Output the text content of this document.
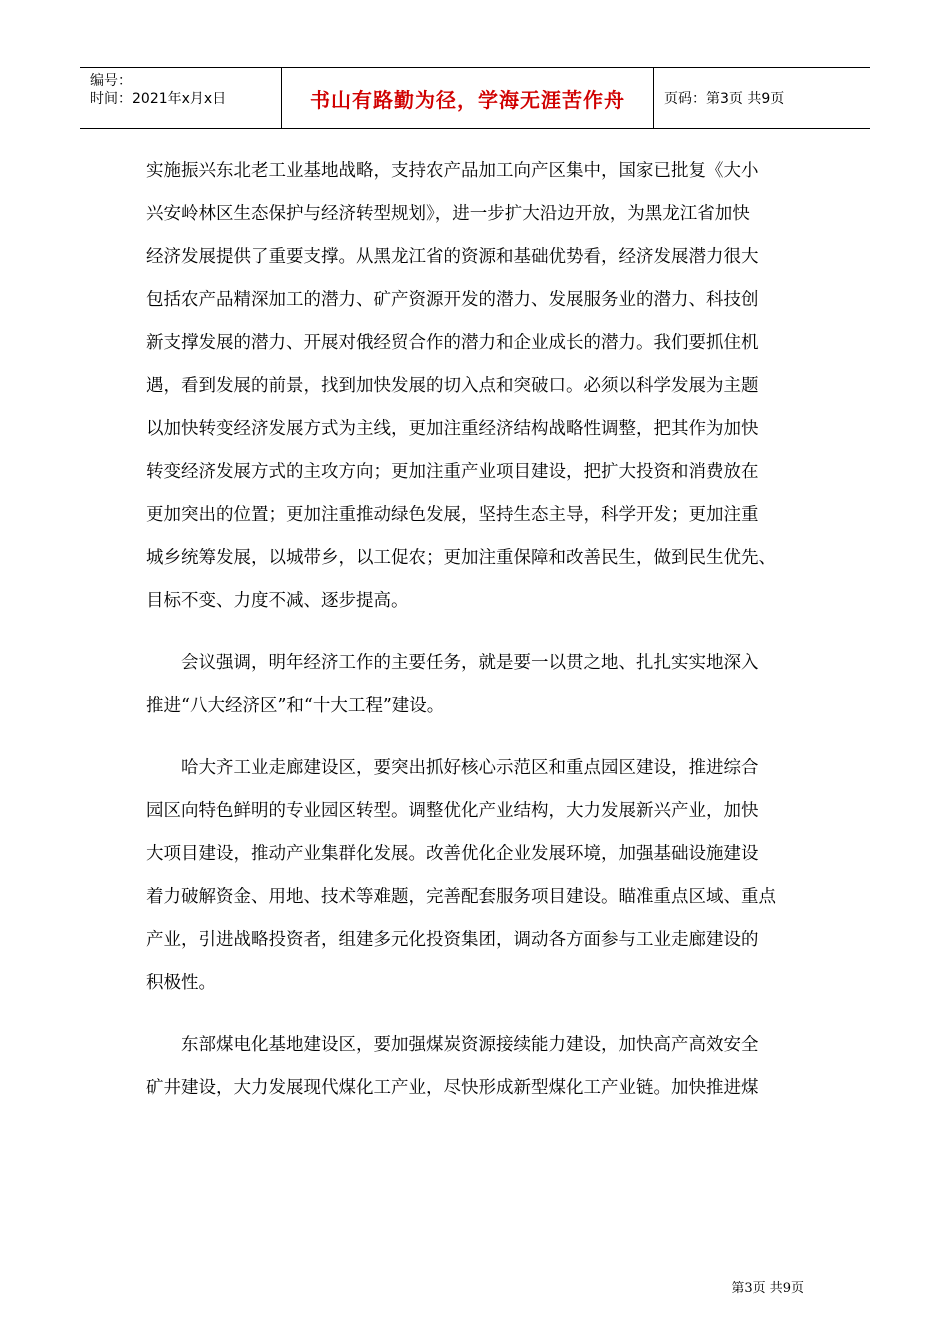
编号：
时间：2021年x月x日	书山有路勤为径，学海无涯苦作舟	页码：第3页 共9页

实施振兴东北老工业基地战略，支持农产品加工向产区集中，国家已批复《大小

兴安岭林区生态保护与经济转型规划》，进一步扩大沿边开放，为黑龙江省加快

经济发展提供了重要支撑。从黑龙江省的资源和基础优势看，经济发展潜力很大

包括农产品精深加工的潜力、矿产资源开发的潜力、发展服务业的潜力、科技创

新支撑发展的潜力、开展对俄经贸合作的潜力和企业成长的潜力。我们要抓住机

遇，看到发展的前景，找到加快发展的切入点和突破口。必须以科学发展为主题

以加快转变经济发展方式为主线，更加注重经济结构战略性调整，把其作为加快

转变经济发展方式的主攻方向；更加注重产业项目建设，把扩大投资和消费放在

更加突出的位置；更加注重推动绿色发展，坚持生态主导，科学开发；更加注重

城乡统筹发展，以城带乡，以工促农；更加注重保障和改善民生，做到民生优先、

目标不变、力度不减、逐步提高。

会议强调，明年经济工作的主要任务，就是要一以贯之地、扎扎实实地深入

推进“八大经济区”和“十大工程”建设。

哈大齐工业走廊建设区，要突出抓好核心示范区和重点园区建设，推进综合

园区向特色鲜明的专业园区转型。调整优化产业结构，大力发展新兴产业，加快

大项目建设，推动产业集群化发展。改善优化企业发展环境，加强基础设施建设

着力破解资金、用地、技术等难题，完善配套服务项目建设。瞄准重点区域、重点

产业，引进战略投资者，组建多元化投资集团，调动各方面参与工业走廊建设的

积极性。

东部煤电化基地建设区，要加强煤炭资源接续能力建设，加快高产高效安全

矿井建设，大力发展现代煤化工产业，尽快形成新型煤化工产业链。加快推进煤

第3页 共9页
